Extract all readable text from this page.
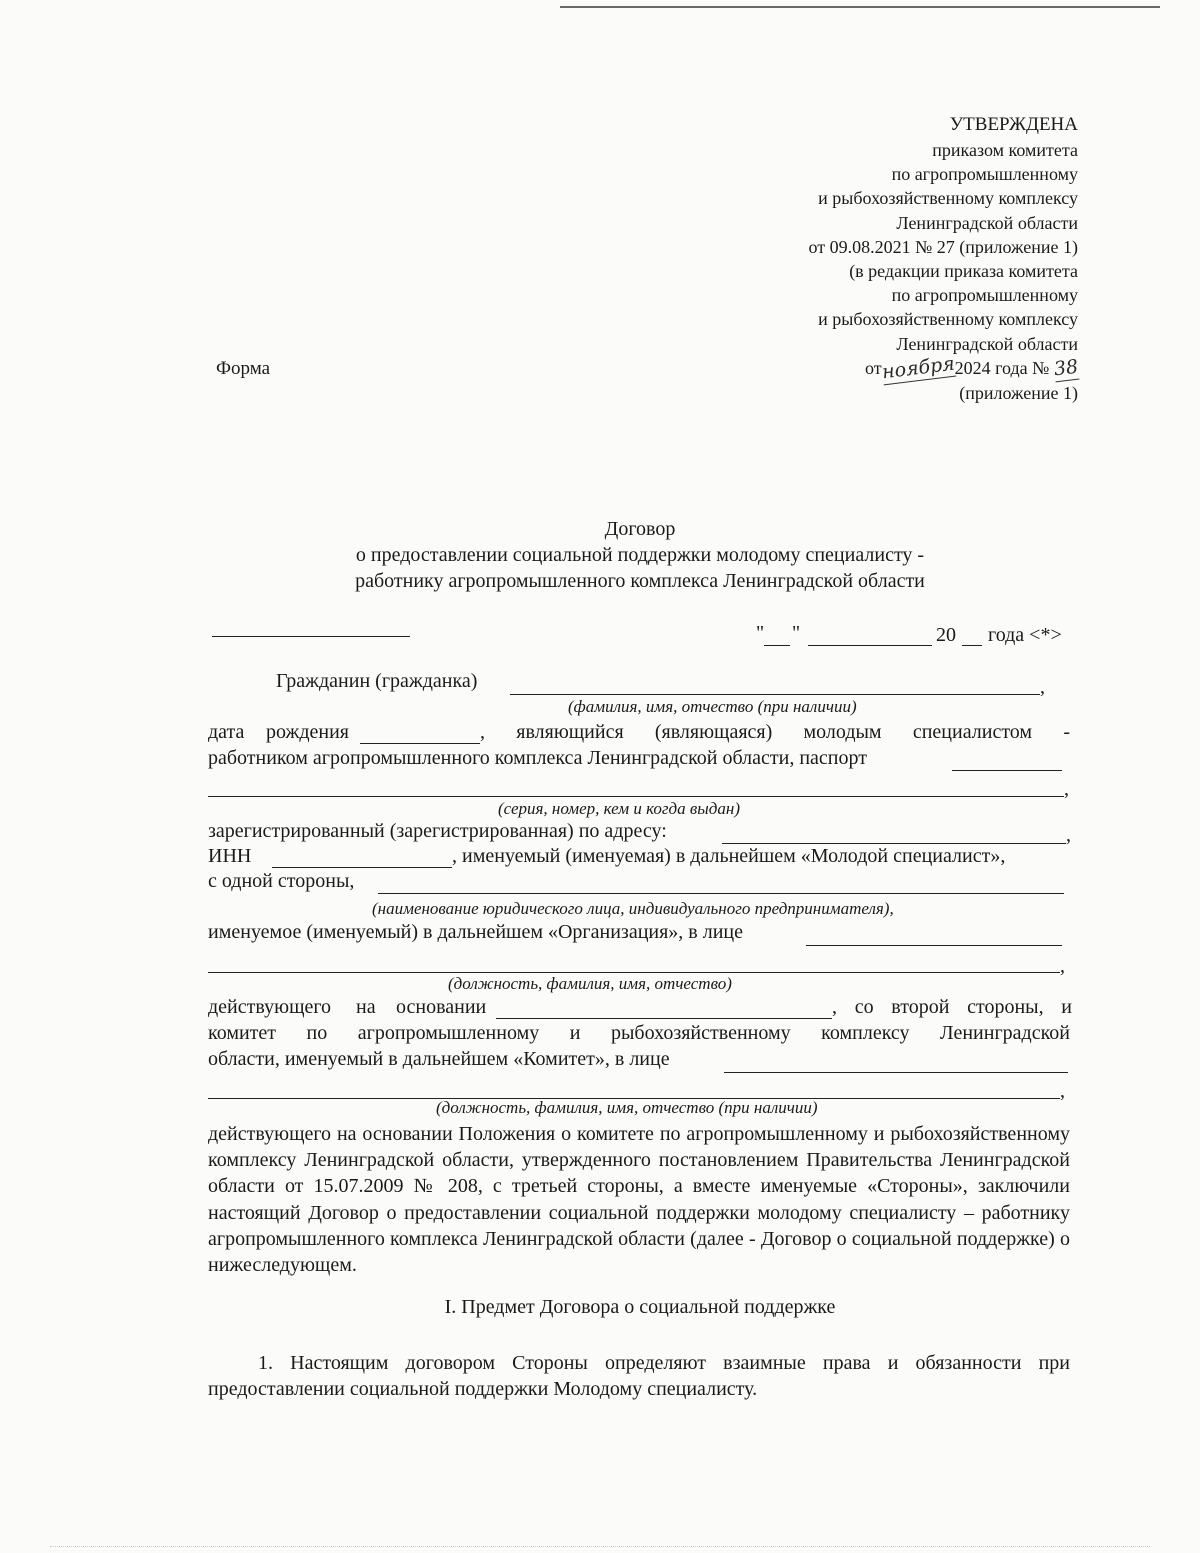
УТВЕРЖДЕНА
приказом комитета
по агропромышленному
и рыбохозяйственному комплексу
Ленинградской области
от 09.08.2021 № 27 (приложение 1)
(в редакции приказа комитета
по агропромышленному
и рыбохозяйственному комплексу
Ленинградской области
отноября2024 года № 38
(приложение 1)
Форма
Договор
о предоставлении социальной поддержки молодому специалисту -
работнику агропромышленного комплекса Ленинградской области
" "	20 года <*>
Гражданин (гражданка)	,
(фамилия, имя, отчество (при наличии)
дата рождения	, являющийся (являющаяся) молодым специалистом -
работником агропромышленного комплекса Ленинградской области, паспорт
,
(серия, номер, кем и когда выдан)
зарегистрированный (зарегистрированная) по адресу:	,
ИНН	, именуемый (именуемая) в дальнейшем «Молодой специалист»,
с одной стороны,
(наименование юридического лица, индивидуального предпринимателя),
именуемое (именуемый) в дальнейшем «Организация», в лице
,
(должность, фамилия, имя, отчество)
действующего на основании	, со второй стороны, и
комитет по агропромышленному и рыбохозяйственному комплексу Ленинградской
области, именуемый в дальнейшем «Комитет», в лице
,
(должность, фамилия, имя, отчество (при наличии)
действующего на основании Положения о комитете по агропромышленному и рыбохозяйственному комплексу Ленинградской области, утвержденного постановлением Правительства Ленинградской области от 15.07.2009 № 208, с третьей стороны, а вместе именуемые «Стороны», заключили настоящий Договор о предоставлении социальной поддержки молодому специалисту – работнику агропромышленного комплекса Ленинградской области (далее - Договор о социальной поддержке) о нижеследующем.
I. Предмет Договора о социальной поддержке
1. Настоящим договором Стороны определяют взаимные права и обязанности при предоставлении социальной поддержки Молодому специалисту.
